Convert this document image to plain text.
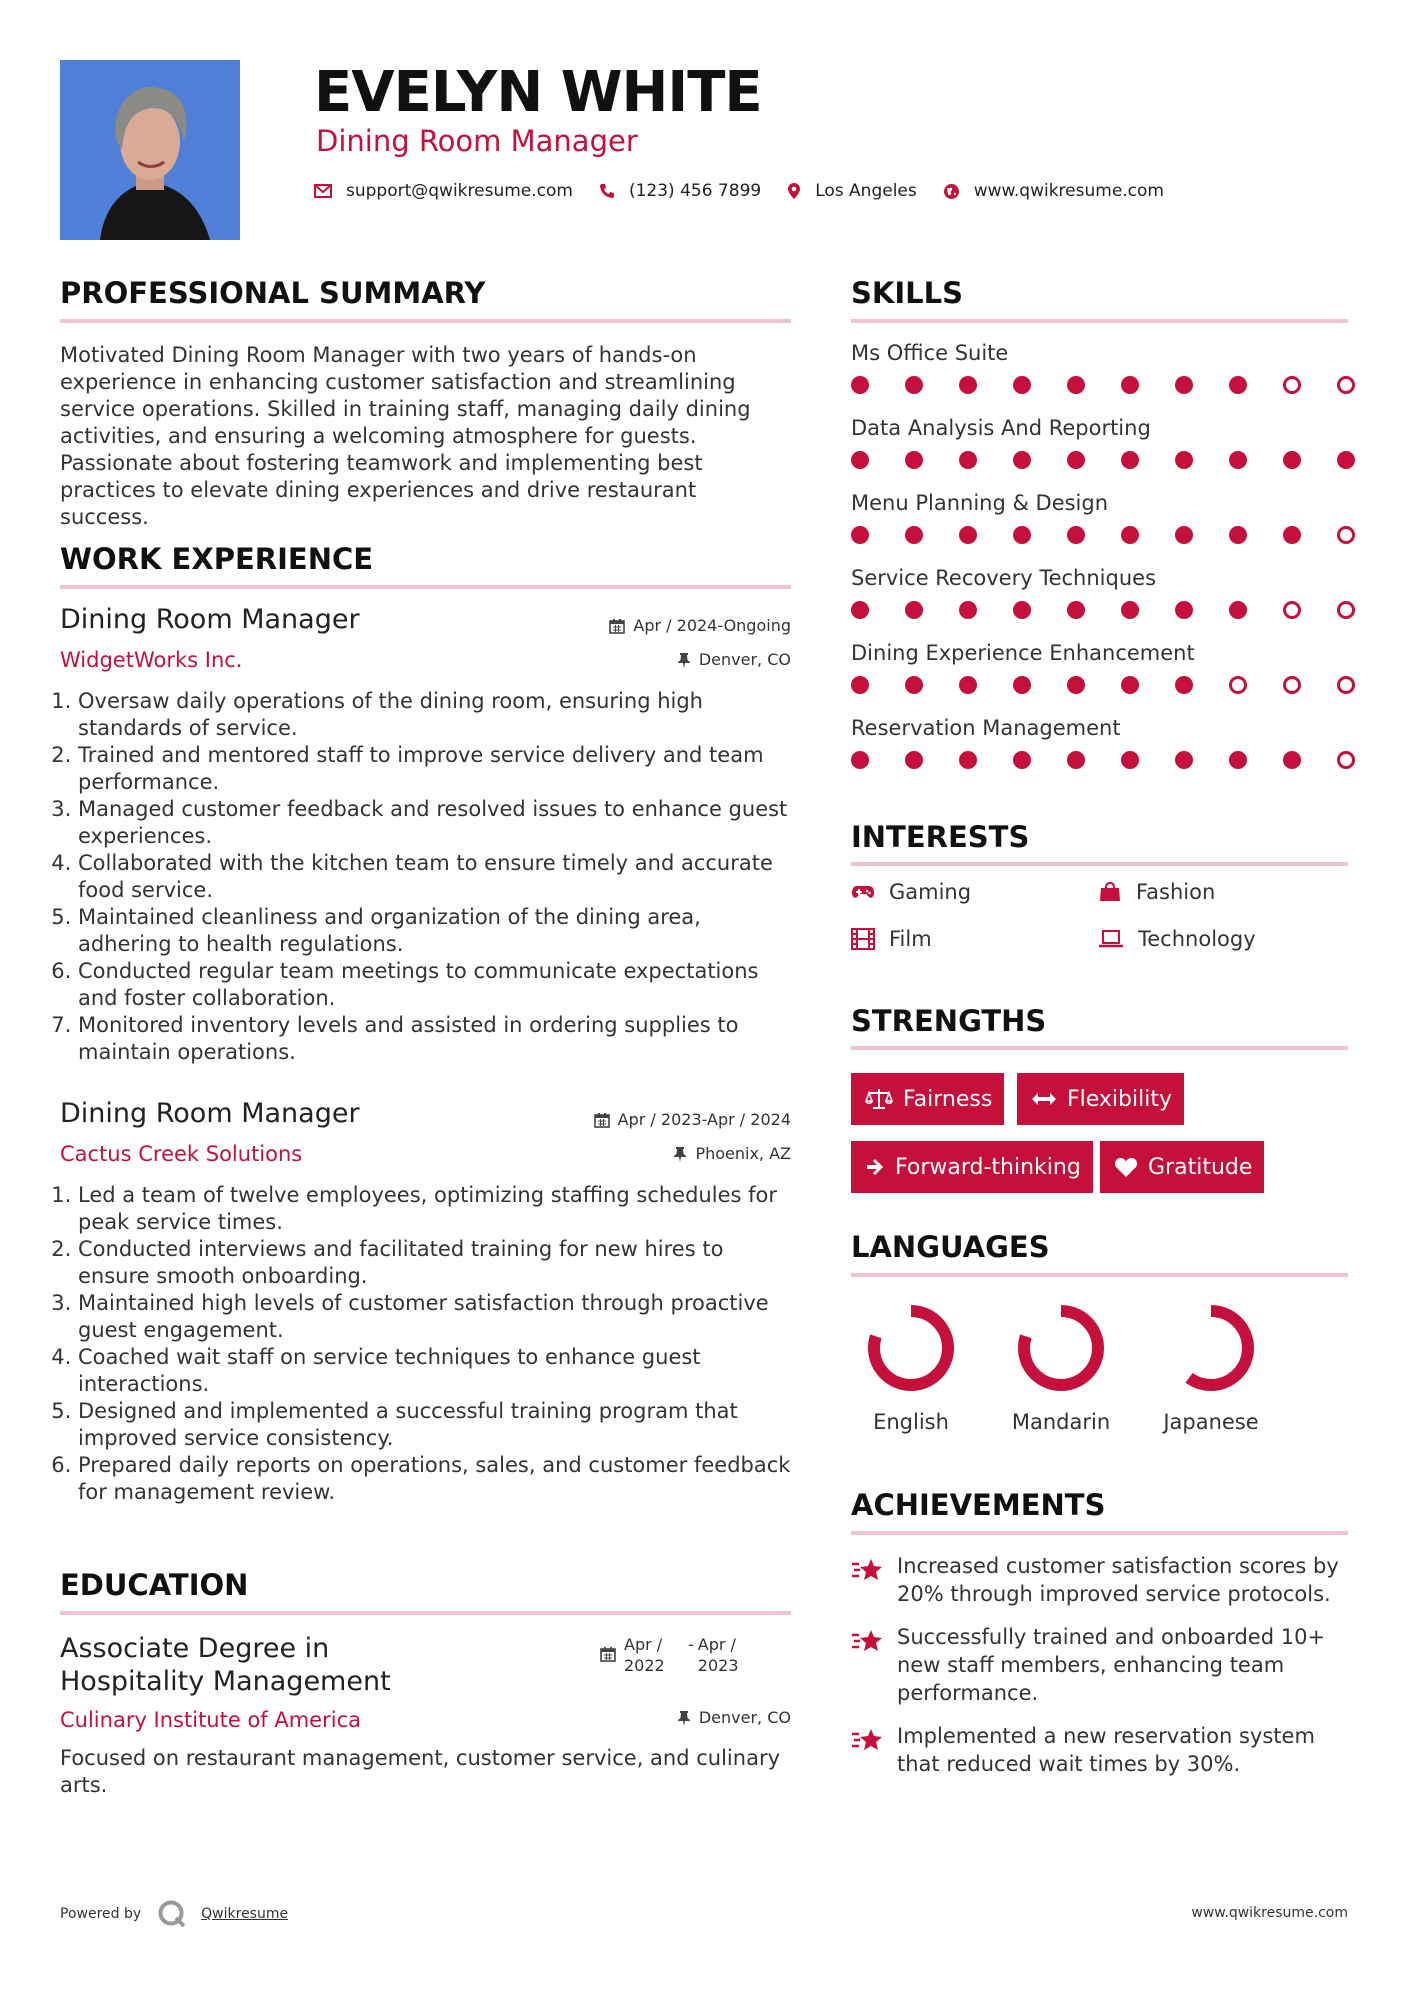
EVELYN WHITE
Dining Room Manager
support@qwikresume.com	(123) 456 7899	Los Angeles	www.qwikresume.com
PROFESSIONAL SUMMARY
Motivated Dining Room Manager with two years of hands-on experience in enhancing customer satisfaction and streamlining service operations. Skilled in training staff, managing daily dining activities, and ensuring a welcoming atmosphere for guests. Passionate about fostering teamwork and implementing best practices to elevate dining experiences and drive restaurant success.
WORK EXPERIENCE
Dining Room Manager
WidgetWorks Inc.
Apr / 2024-Ongoing
Denver, CO
1. Oversaw daily operations of the dining room, ensuring high standards of service.
2. Trained and mentored staff to improve service delivery and team performance.
3. Managed customer feedback and resolved issues to enhance guest experiences.
4. Collaborated with the kitchen team to ensure timely and accurate food service.
5. Maintained cleanliness and organization of the dining area, adhering to health regulations.
6. Conducted regular team meetings to communicate expectations and foster collaboration.
7. Monitored inventory levels and assisted in ordering supplies to maintain operations.
Dining Room Manager
Cactus Creek Solutions
Apr / 2023-Apr / 2024
Phoenix, AZ
1. Led a team of twelve employees, optimizing staffing schedules for peak service times.
2. Conducted interviews and facilitated training for new hires to ensure smooth onboarding.
3. Maintained high levels of customer satisfaction through proactive guest engagement.
4. Coached wait staff on service techniques to enhance guest interactions.
5. Designed and implemented a successful training program that improved service consistency.
6. Prepared daily reports on operations, sales, and customer feedback for management review.
EDUCATION
Associate Degree in Hospitality Management
Apr / 2022
- Apr / 2023
Culinary Institute of America	Denver, CO
Focused on restaurant management, customer service, and culinary arts.
SKILLS
Ms Office Suite
Data Analysis And Reporting
Menu Planning & Design
Service Recovery Techniques
Dining Experience Enhancement
Reservation Management
INTERESTS
Gaming	Fashion
Film	Technology
STRENGTHS
Fairness	Flexibility
Forward-thinking	Gratitude
LANGUAGES
English	Mandarin	Japanese
ACHIEVEMENTS
Increased customer satisfaction scores by 20% through improved service protocols.
Successfully trained and onboarded 10+ new staff members, enhancing team performance.
Implemented a new reservation system that reduced wait times by 30%.
Powered by	Qwikresume	www.qwikresume.com
